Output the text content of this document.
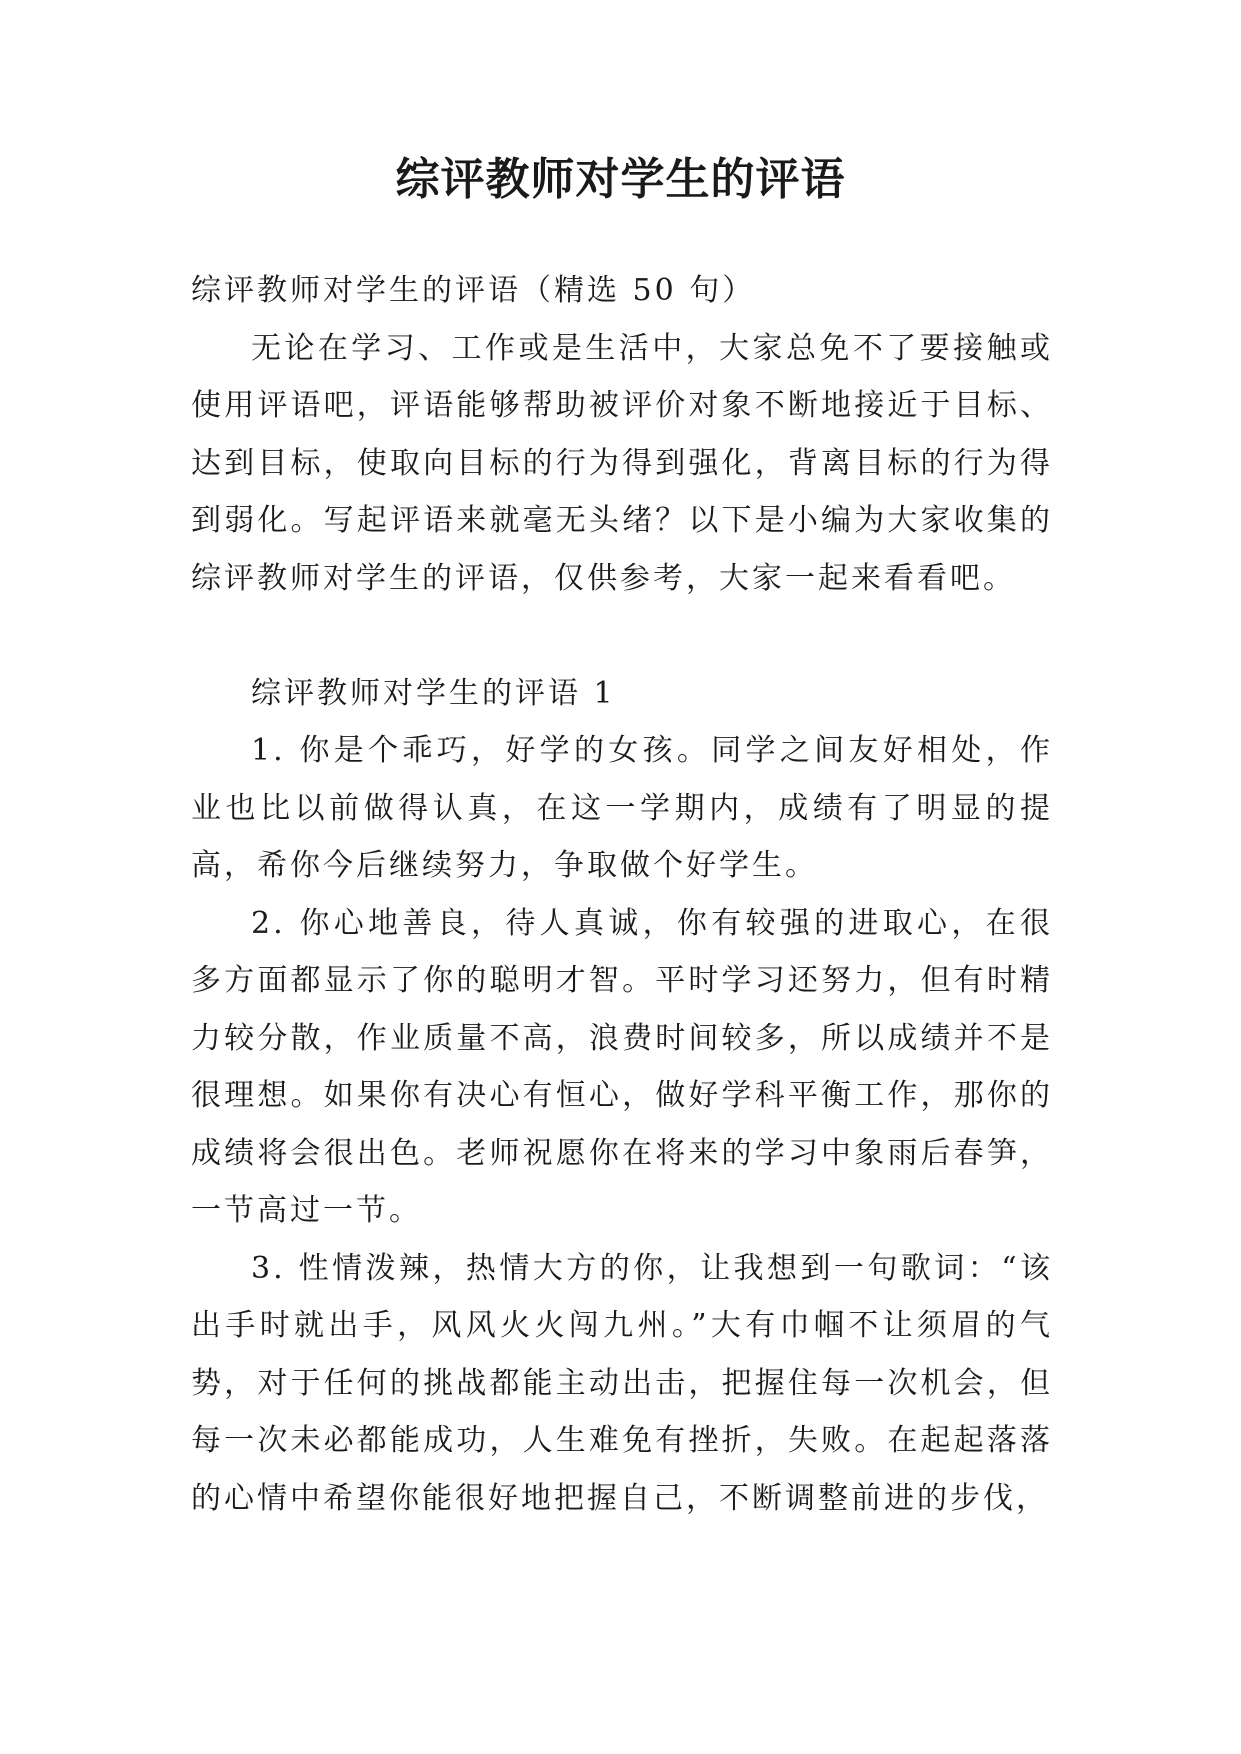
综评教师对学生的评语

综评教师对学生的评语（精选 50 句）

无论在学习、工作或是生活中，大家总免不了要接触或使用评语吧，评语能够帮助被评价对象不断地接近于目标、达到目标，使取向目标的行为得到强化，背离目标的行为得到弱化。写起评语来就毫无头绪？以下是小编为大家收集的综评教师对学生的评语，仅供参考，大家一起来看看吧。

综评教师对学生的评语 1

1. 你是个乖巧，好学的女孩。同学之间友好相处，作业也比以前做得认真，在这一学期内，成绩有了明显的提高，希你今后继续努力，争取做个好学生。

2. 你心地善良，待人真诚，你有较强的进取心，在很多方面都显示了你的聪明才智。平时学习还努力，但有时精力较分散，作业质量不高，浪费时间较多，所以成绩并不是很理想。如果你有决心有恒心，做好学科平衡工作，那你的成绩将会很出色。老师祝愿你在将来的学习中象雨后春笋，一节高过一节。

3. 性情泼辣，热情大方的你，让我想到一句歌词：“该出手时就出手，风风火火闯九州。”大有巾帼不让须眉的气势，对于任何的挑战都能主动出击，把握住每一次机会，但每一次未必都能成功，人生难免有挫折，失败。在起起落落的心情中希望你能很好地把握自己，不断调整前进的步伐，
